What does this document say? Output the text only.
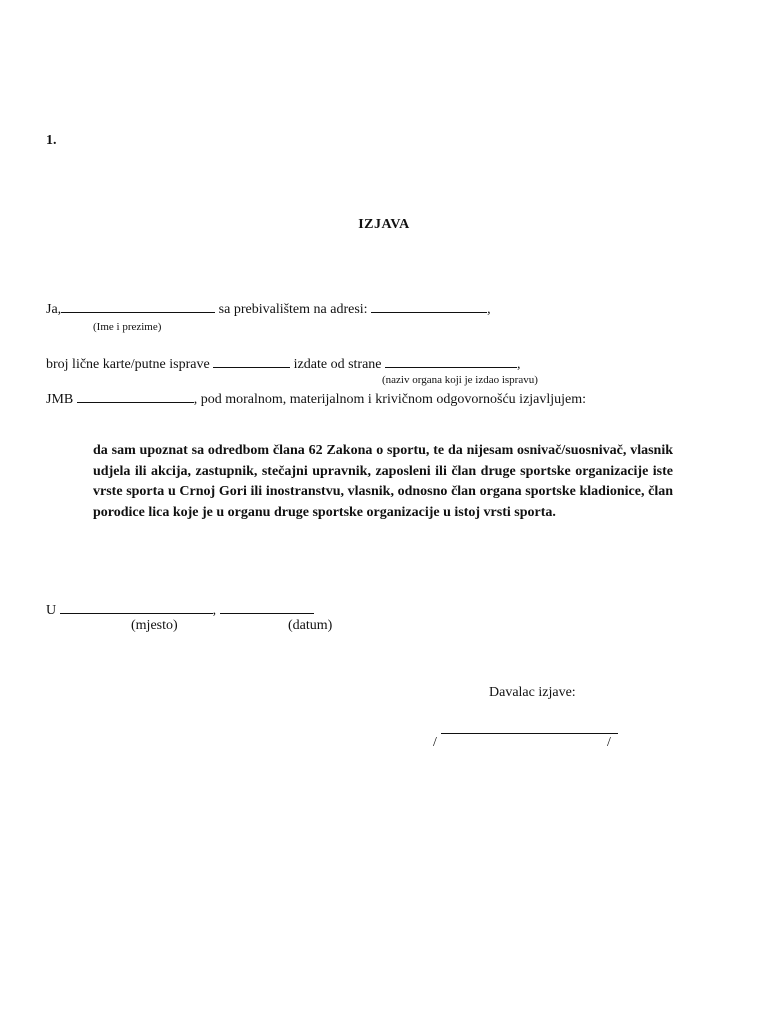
1.
IZJAVA
Ja,	sa prebivalištem na adresi:	,
(Ime i prezime)
broj lične karte/putne isprave	izdate od strane	,
(naziv organa koji je izdao ispravu)
JMB	, pod moralnom, materijalnom i krivičnom odgovornošću izjavljujem:
da sam upoznat sa odredbom člana 62 Zakona o sportu, te da nijesam osnivač/suosnivač, vlasnik udjela ili akcija, zastupnik, stečajni upravnik, zaposleni ili član druge sportske organizacije iste vrste sporta u Crnoj Gori ili inostranstvu, vlasnik, odnosno član organa sportske kladionice, član porodice lica koje je u organu druge sportske organizacije u istoj vrsti sporta.
U	,
(mjesto)	(datum)
Davalac izjave:
/	/
